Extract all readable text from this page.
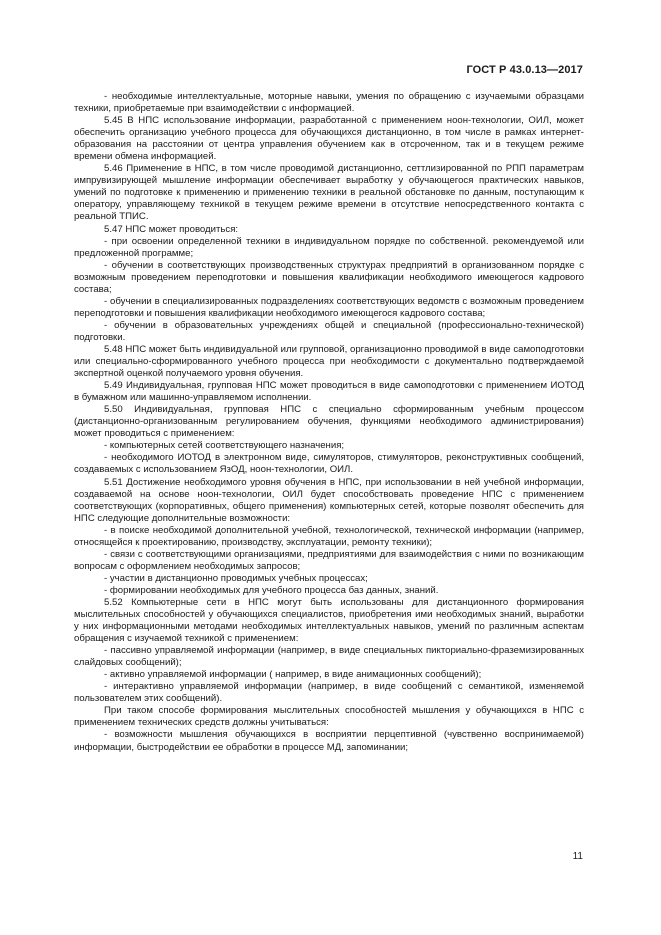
ГОСТ Р 43.0.13—2017

- необходимые интеллектуальные, моторные навыки, умения по обращению с изучаемыми образцами техники, приобретаемые при взаимодействии с информацией.

5.45 В НПС использование информации, разработанной с применением ноон-технологии, ОИЛ, может обеспечить организацию учебного процесса для обучающихся дистанционно, в том числе в рамках интернет-образования на расстоянии от центра управления обучением как в отсроченном, так и в текущем режиме времени обмена информацией.

5.46 Применение в НПС, в том числе проводимой дистанционно, сеттлизированной по РПП параметрам импрувизирующей мышление информации обеспечивает выработку у обучающегося практических навыков, умений по подготовке к применению и применению техники в реальной обстановке по данным, поступающим к оператору, управляющему техникой в текущем режиме времени в отсутствие непосредственного контакта с реальной ТПИС.

5.47 НПС может проводиться:

- при освоении определенной техники в индивидуальном порядке по собственной. рекомендуемой или предложенной программе;

- обучении в соответствующих производственных структурах предприятий в организованном порядке с возможным проведением переподготовки и повышения квалификации необходимого имеющегося кадрового состава;

- обучении в специализированных подразделениях соответствующих ведомств с возможным проведением переподготовки и повышения квалификации необходимого имеющегося кадрового состава;

- обучении в образовательных учреждениях общей и специальной (профессионально-технической) подготовки.

5.48 НПС может быть индивидуальной или групповой, организационно проводимой в виде самоподготовки или специально-сформированного учебного процесса при необходимости с документально подтверждаемой экспертной оценкой получаемого уровня обучения.

5.49 Индивидуальная, групповая НПС может проводиться в виде самоподготовки с применением ИОТОД в бумажном или машинно-управляемом исполнении.

5.50 Индивидуальная, групповая НПС с специально сформированным учебным процессом (дистанционно-организованным регулированием обучения, функциями необходимого администрирования) может проводиться с применением:

- компьютерных сетей соответствующего назначения;

- необходимого ИОТОД в электронном виде, симуляторов, стимуляторов, реконструктивных сообщений, создаваемых с использованием ЯзОД, ноон-технологии, ОИЛ.

5.51 Достижение необходимого уровня обучения в НПС, при использовании в ней учебной информации, создаваемой на основе ноон-технологии, ОИЛ будет способствовать проведение НПС с применением соответствующих (корпоративных, общего применения) компьютерных сетей, которые позволят обеспечить для НПС следующие дополнительные возможности:

- в поиске необходимой дополнительной учебной, технологической, технической информации (например, относящейся к проектированию, производству, эксплуатации, ремонту техники);

- связи с соответствующими организациями, предприятиями для взаимодействия с ними по возникающим вопросам с оформлением необходимых запросов;

- участии в дистанционно проводимых учебных процессах;

- формировании необходимых для учебного процесса баз данных, знаний.

5.52 Компьютерные сети в НПС могут быть использованы для дистанционного формирования мыслительных способностей у обучающихся специалистов, приобретения ими необходимых знаний, выработки у них информационными методами необходимых интеллектуальных навыков, умений по различным аспектам обращения с изучаемой техникой с применением:

- пассивно управляемой информации (например, в виде специальных пикториально-фраземизированных слайдовых сообщений);

- активно управляемой информации ( например, в виде анимационных сообщений);

- интерактивно управляемой информации (например, в виде сообщений с семантикой, изменяемой пользователем этих сообщений).

При таком способе формирования мыслительных способностей мышления у обучающихся в НПС с применением технических средств должны учитываться:

- возможности мышления обучающихся в восприятии перцептивной (чувственно воспринимаемой) информации, быстродействии ее обработки в процессе МД, запоминании;

11
